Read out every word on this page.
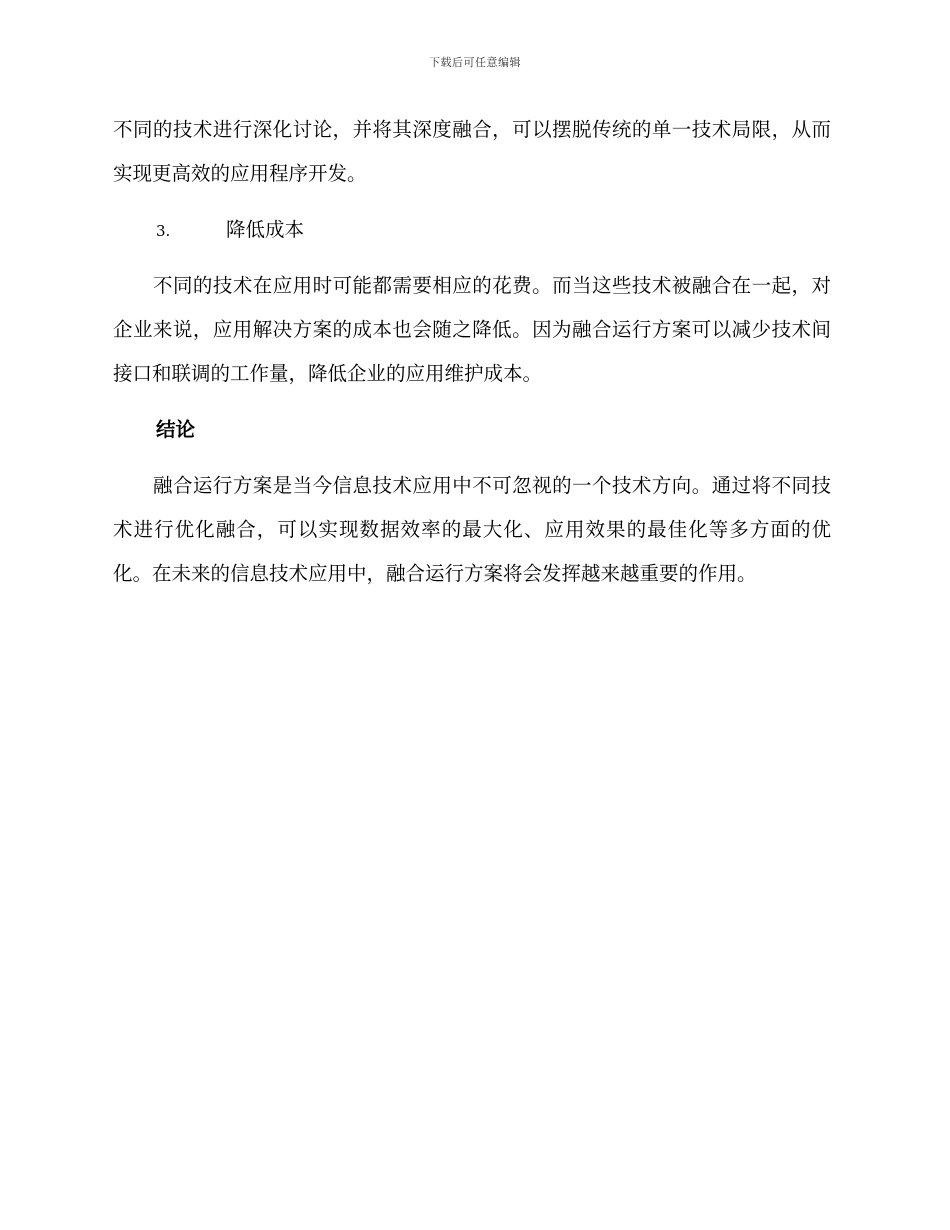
下载后可任意编辑

不同的技术进行深化讨论，并将其深度融合，可以摆脱传统的单一技术局限，从而实现更高效的应用程序开发。

3.	降低成本

不同的技术在应用时可能都需要相应的花费。而当这些技术被融合在一起，对企业来说，应用解决方案的成本也会随之降低。因为融合运行方案可以减少技术间接口和联调的工作量，降低企业的应用维护成本。

结论

融合运行方案是当今信息技术应用中不可忽视的一个技术方向。通过将不同技术进行优化融合，可以实现数据效率的最大化、应用效果的最佳化等多方面的优化。在未来的信息技术应用中，融合运行方案将会发挥越来越重要的作用。
